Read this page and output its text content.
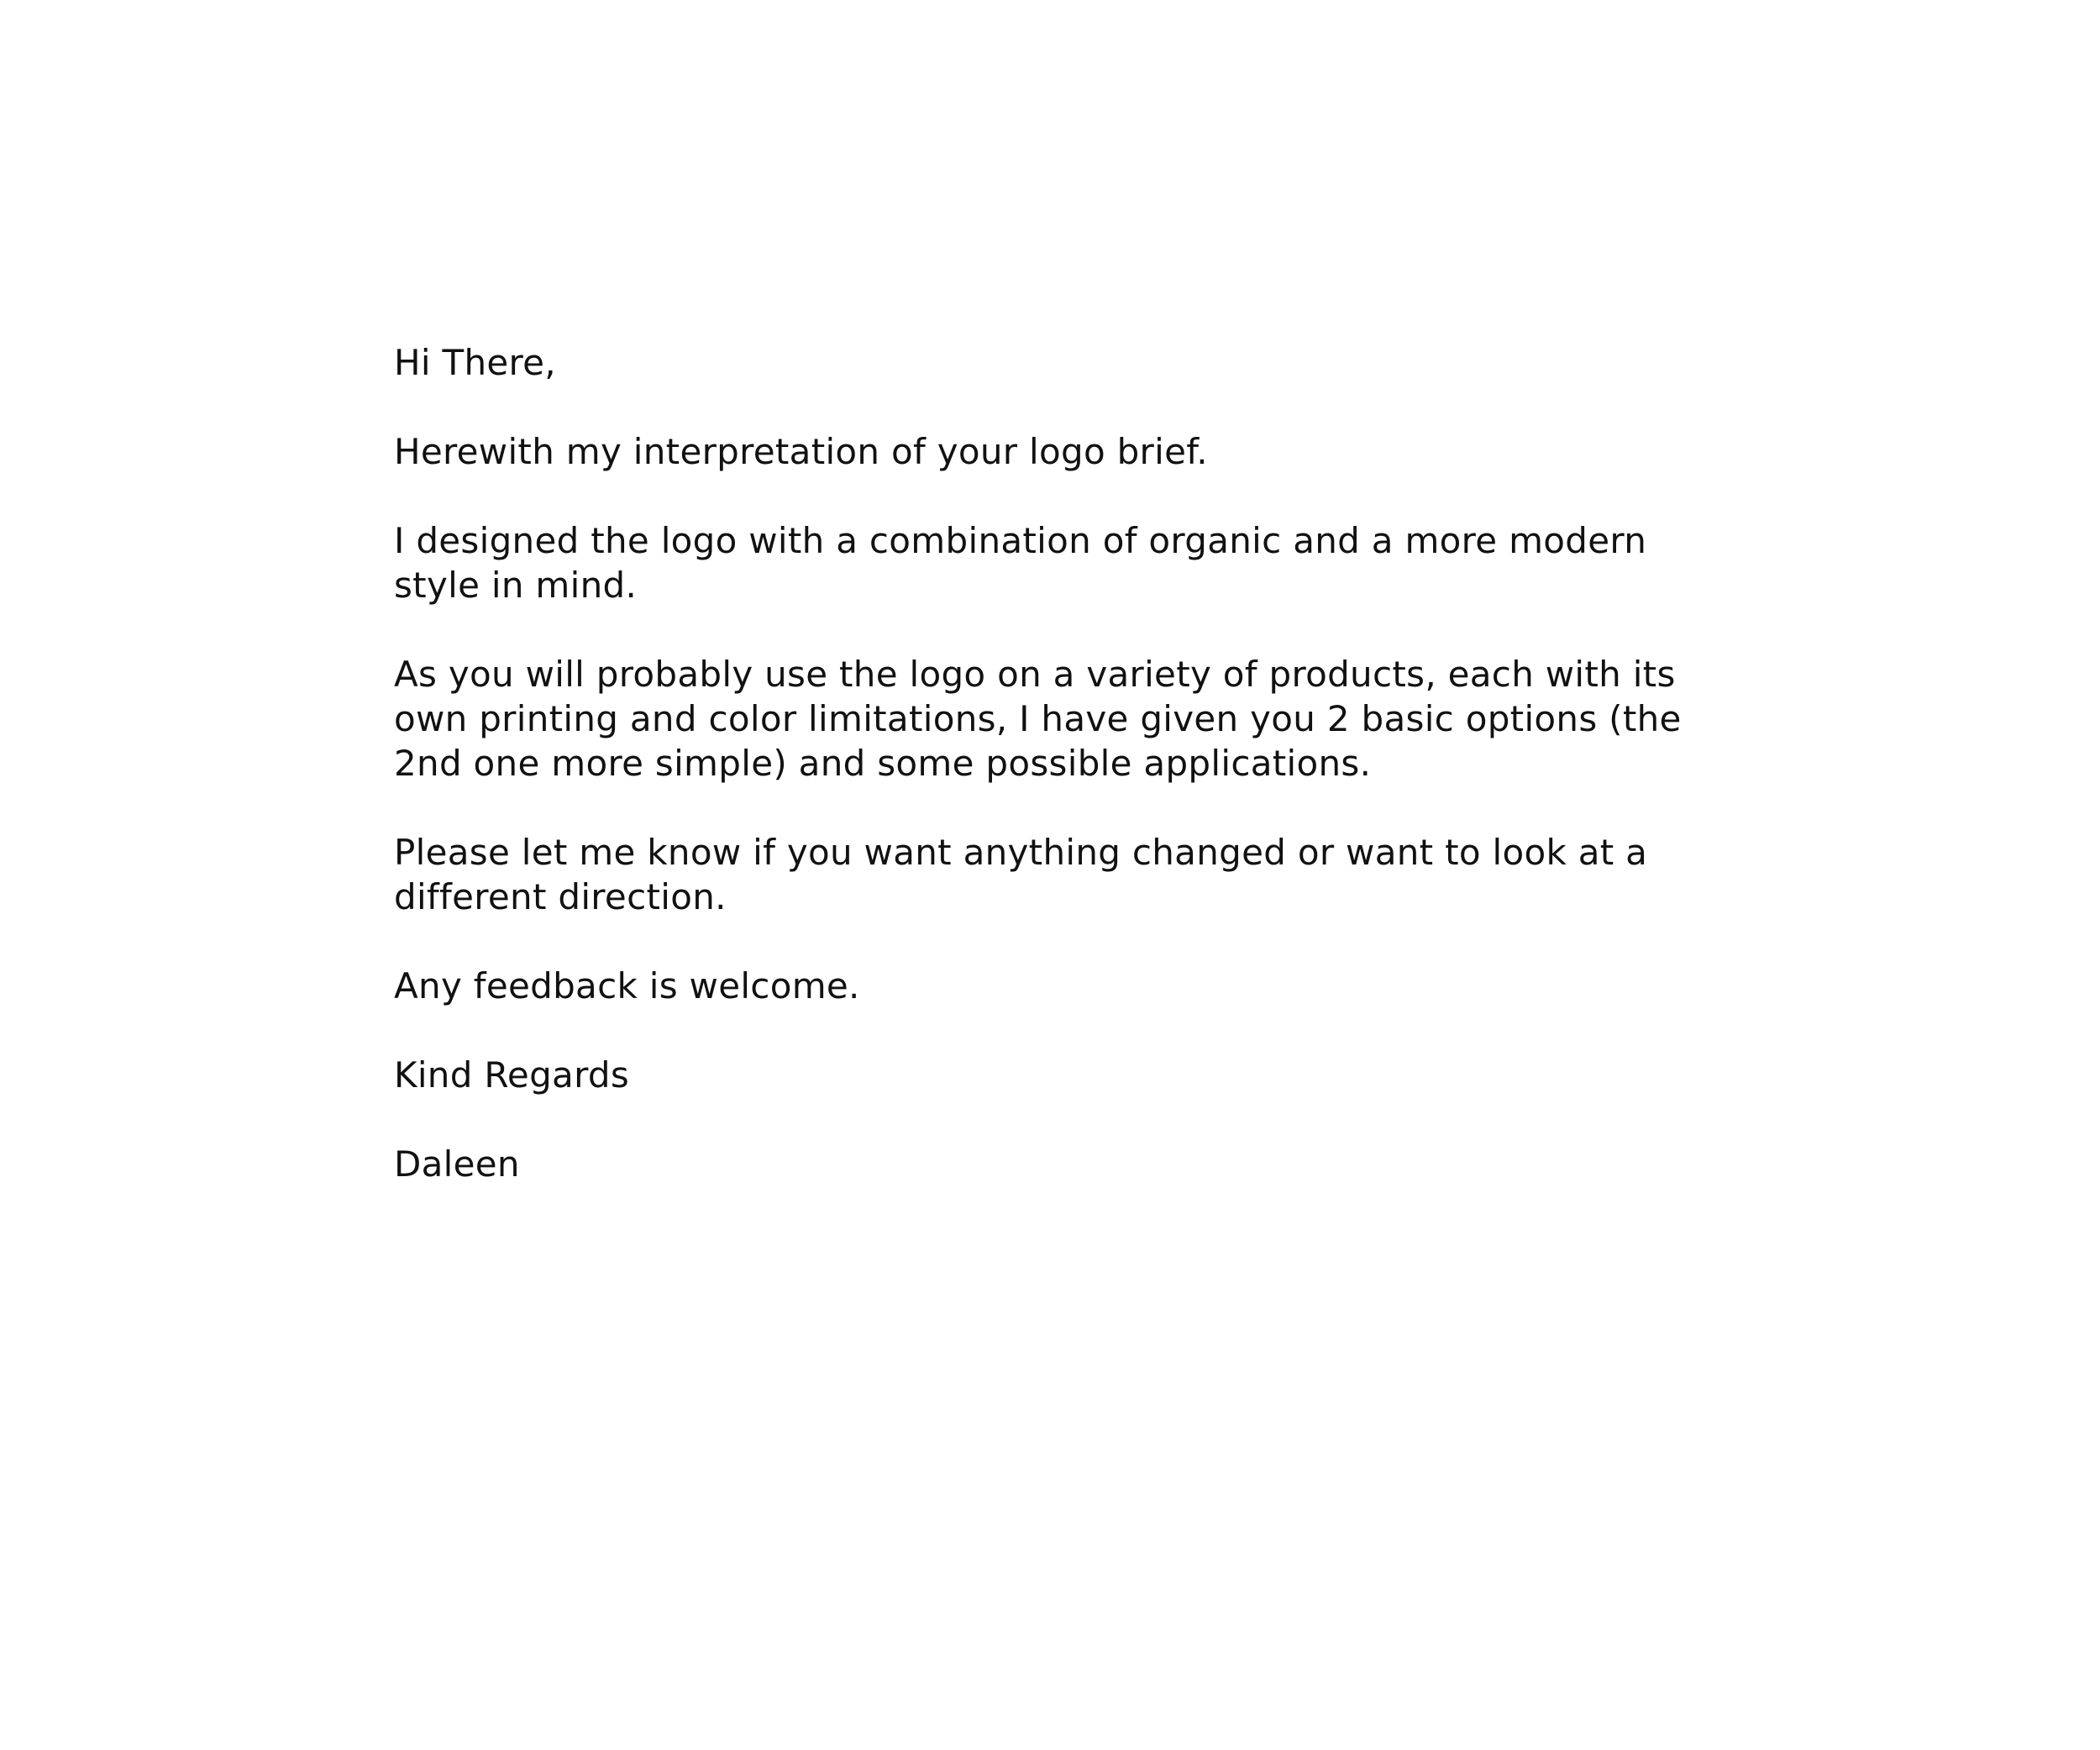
Hi There,
Herewith my interpretation of your logo brief.
I designed the logo with a combination of organic and a more modern
style in mind.
As you will probably use the logo on a variety of products, each with its
own printing and color limitations, I have given you 2 basic options (the
2nd one more simple) and some possible applications.
Please let me know if you want anything changed or want to look at a
different direction.
Any feedback is welcome.
Kind Regards
Daleen
